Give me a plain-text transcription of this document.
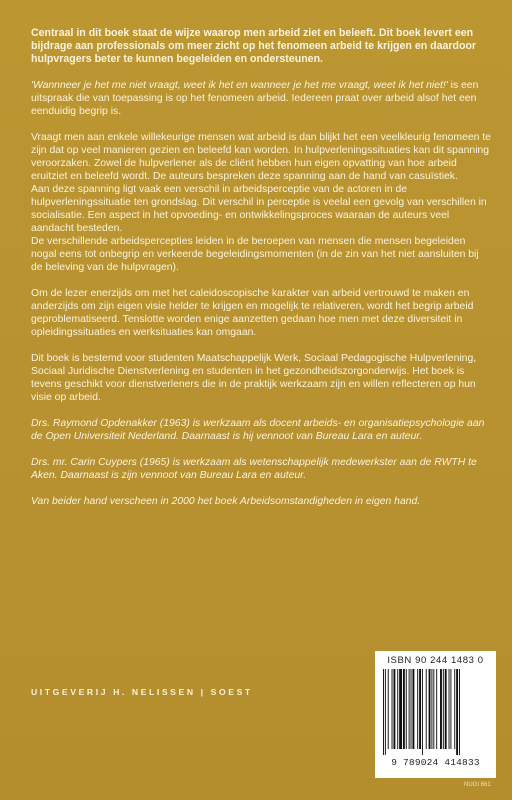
Centraal in dit boek staat de wijze waarop men arbeid ziet en beleeft. Dit boek levert een bijdrage aan professionals om meer zicht op het fenomeen arbeid te krijgen en daardoor hulpvragers beter te kunnen begeleiden en ondersteunen.

'Wannneer je het me niet vraagt, weet ik het en wanneer je het me vraagt, weet ik het niet!' is een uitspraak die van toepassing is op het fenomeen arbeid. Iedereen praat over arbeid alsof het een eenduidig begrip is.

Vraagt men aan enkele willekeurige mensen wat arbeid is dan blijkt het een veelkleurig fenomeen te zijn dat op veel manieren gezien en beleefd kan worden. In hulpverleningssituaties kan dit spanning veroorzaken. Zowel de hulpverlener als de cliënt hebben hun eigen opvatting van hoe arbeid eruitziet en beleefd wordt. De auteurs bespreken deze spanning aan de hand van casuïstiek.

Aan deze spanning ligt vaak een verschil in arbeidsperceptie van de actoren in de hulpverleningssituatie ten grondslag. Dit verschil in perceptie is veelal een gevolg van verschillen in socialisatie. Een aspect in het opvoeding- en ontwikkelingsproces waaraan de auteurs veel aandacht besteden.

De verschillende arbeidspercepties leiden in de beroepen van mensen die mensen begeleiden nogal eens tot onbegrip en verkeerde begeleidingsmomenten (in de zin van het niet aansluiten bij de beleving van de hulpvragen).

Om de lezer enerzijds om met het caleidoscopische karakter van arbeid vertrouwd te maken en anderzijds om zijn eigen visie helder te krijgen en mogelijk te relativeren, wordt het begrip arbeid geproblematiseerd. Tenslotte worden enige aanzetten gedaan hoe men met deze diversiteit in opleidingssituaties en werksituaties kan omgaan.

Dit boek is bestemd voor studenten Maatschappelijk Werk, Sociaal Pedagogische Hulpverlening, Sociaal Juridische Dienstverlening en studenten in het gezondheidszorgonderwijs. Het boek is tevens geschikt voor dienstverleners die in de praktijk werkzaam zijn en willen reflecteren op hun visie op arbeid.

Drs. Raymond Opdenakker (1963) is werkzaam als docent arbeids- en organisatiepsychologie aan de Open Universiteit Nederland. Daarnaast is hij vennoot van Bureau Lara en auteur.

Drs. mr. Carin Cuypers (1965) is werkzaam als wetenschappelijk medewerkster aan de RWTH te Aken. Daarnaast is zijn vennoot van Bureau Lara en auteur.

Van beider hand verscheen in 2000 het boek Arbeidsomstandigheden in eigen hand.

UITGEVERIJ H. NELISSEN | SOEST
ISBN 90 244 1483 0
9 789024 414833
NUGI 661
